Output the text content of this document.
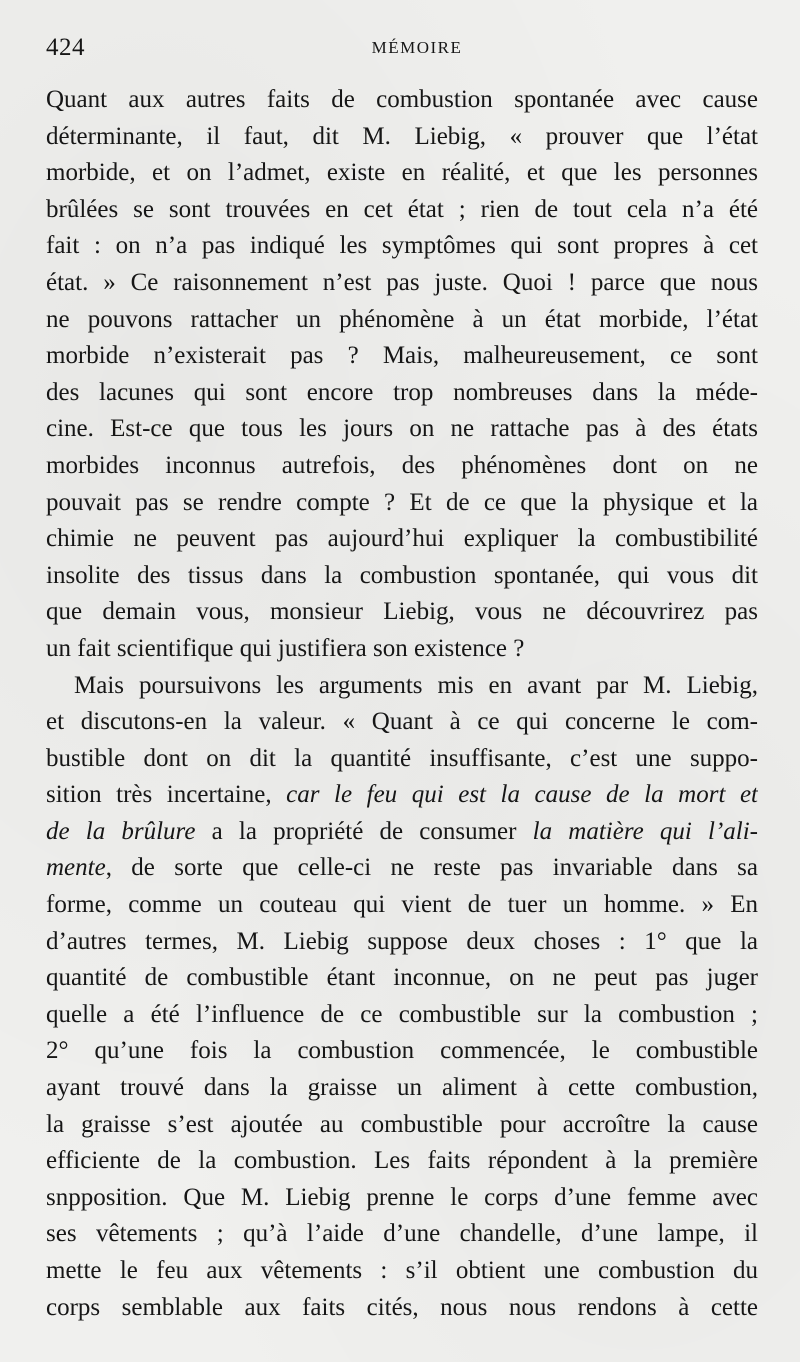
424	MÉMOIRE
Quant aux autres faits de combustion spontanée avec cause
déterminante, il faut, dit M. Liebig, « prouver que l’état
morbide, et on l’admet, existe en réalité, et que les personnes
brûlées se sont trouvées en cet état ; rien de tout cela n’a été
fait : on n’a pas indiqué les symptômes qui sont propres à cet
état. » Ce raisonnement n’est pas juste. Quoi ! parce que nous
ne pouvons rattacher un phénomène à un état morbide, l’état
morbide n’existerait pas ? Mais, malheureusement, ce sont
des lacunes qui sont encore trop nombreuses dans la méde-
cine. Est-ce que tous les jours on ne rattache pas à des états
morbides inconnus autrefois, des phénomènes dont on ne
pouvait pas se rendre compte ? Et de ce que la physique et la
chimie ne peuvent pas aujourd’hui expliquer la combustibilité
insolite des tissus dans la combustion spontanée, qui vous dit
que demain vous, monsieur Liebig, vous ne découvrirez pas
un fait scientifique qui justifiera son existence ?
Mais poursuivons les arguments mis en avant par M. Liebig,
et discutons-en la valeur. « Quant à ce qui concerne le com-
bustible dont on dit la quantité insuffisante, c’est une suppo-
sition très incertaine, car le feu qui est la cause de la mort et
de la brûlure a la propriété de consumer la matière qui l’ali-
mente, de sorte que celle-ci ne reste pas invariable dans sa
forme, comme un couteau qui vient de tuer un homme. » En
d’autres termes, M. Liebig suppose deux choses : 1° que la
quantité de combustible étant inconnue, on ne peut pas juger
quelle a été l’influence de ce combustible sur la combustion ;
2° qu’une fois la combustion commencée, le combustible
ayant trouvé dans la graisse un aliment à cette combustion,
la graisse s’est ajoutée au combustible pour accroître la cause
efficiente de la combustion. Les faits répondent à la première
snpposition. Que M. Liebig prenne le corps d’une femme avec
ses vêtements ; qu’à l’aide d’une chandelle, d’une lampe, il
mette le feu aux vêtements : s’il obtient une combustion du
corps semblable aux faits cités, nous nous rendons à cette
